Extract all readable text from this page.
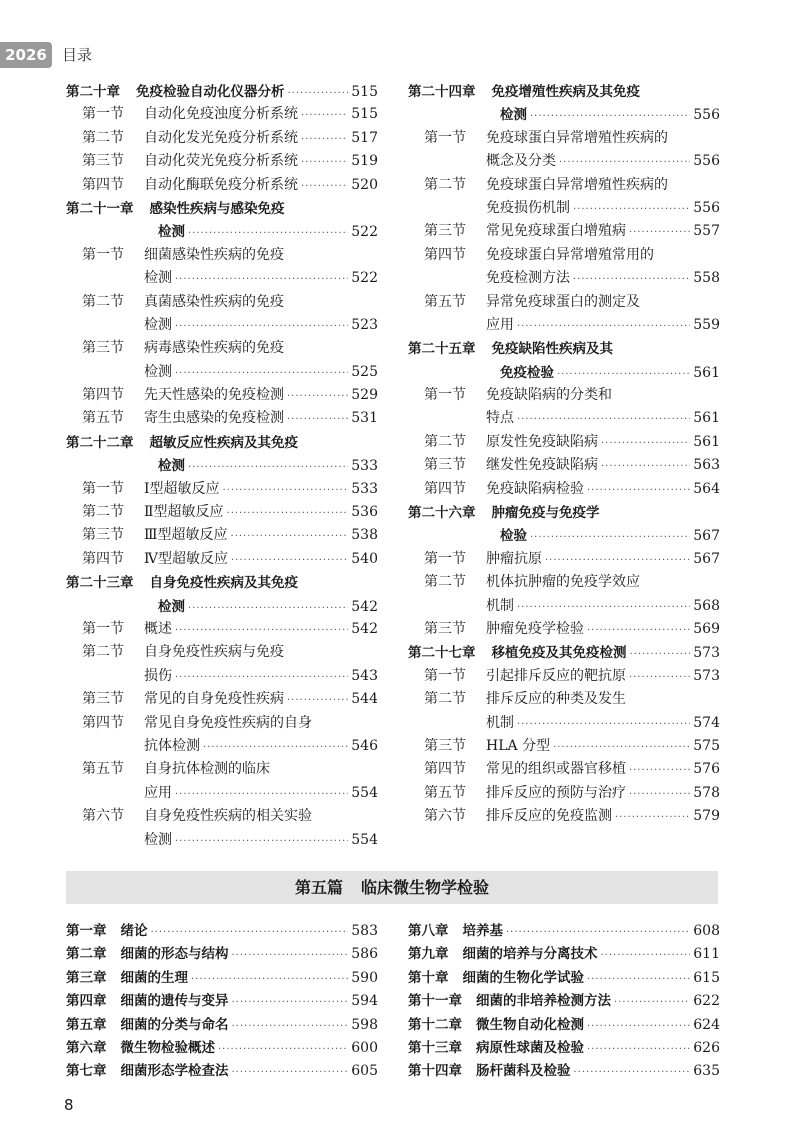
2026	目录
第二十章 免疫检验自动化仪器分析 ·····	515
第一节	自动化免疫浊度分析系统 ·····	515
第二节	自动化发光免疫分析系统 ·····	517
第三节	自动化荧光免疫分析系统 ·····	519
第四节	自动化酶联免疫分析系统 ·····	520
第二十一章 感染性疾病与感染免疫
检测 ·····	522
第一节	细菌感染性疾病的免疫
检测 ·····	522
第二节	真菌感染性疾病的免疫
检测 ·····	523
第三节	病毒感染性疾病的免疫
检测 ·····	525
第四节	先天性感染的免疫检测 ·····	529
第五节	寄生虫感染的免疫检测 ·····	531
第二十二章 超敏反应性疾病及其免疫
检测 ·····	533
第一节	Ⅰ型超敏反应 ·····	533
第二节	Ⅱ型超敏反应 ·····	536
第三节	Ⅲ型超敏反应 ·····	538
第四节	Ⅳ型超敏反应 ·····	540
第二十三章 自身免疫性疾病及其免疫
检测 ·····	542
第一节	概述 ·····	542
第二节	自身免疫性疾病与免疫
损伤 ·····	543
第三节	常见的自身免疫性疾病 ·····	544
第四节	常见自身免疫性疾病的自身
抗体检测 ·····	546
第五节	自身抗体检测的临床
应用 ·····	554
第六节	自身免疫性疾病的相关实验
检测 ·····	554
第二十四章 免疫增殖性疾病及其免疫
检测 ·····	556
第一节	免疫球蛋白异常增殖性疾病的
概念及分类 ·····	556
第二节	免疫球蛋白异常增殖性疾病的
免疫损伤机制 ·····	556
第三节	常见免疫球蛋白增殖病 ·····	557
第四节	免疫球蛋白异常增殖常用的
免疫检测方法 ·····	558
第五节	异常免疫球蛋白的测定及
应用 ·····	559
第二十五章 免疫缺陷性疾病及其
免疫检验 ·····	561
第一节	免疫缺陷病的分类和
特点 ·····	561
第二节	原发性免疫缺陷病 ·····	561
第三节	继发性免疫缺陷病 ·····	563
第四节	免疫缺陷病检验 ·····	564
第二十六章 肿瘤免疫与免疫学
检验 ·····	567
第一节	肿瘤抗原 ·····	567
第二节	机体抗肿瘤的免疫学效应
机制 ·····	568
第三节	肿瘤免疫学检验 ·····	569
第二十七章 移植免疫及其免疫检测 ·····	573
第一节	引起排斥反应的靶抗原 ·····	573
第二节	排斥反应的种类及发生
机制 ·····	574
第三节	HLA 分型 ·····	575
第四节	常见的组织或器官移植 ·····	576
第五节	排斥反应的预防与治疗 ·····	578
第六节	排斥反应的免疫监测 ·····	579
第五篇 临床微生物学检验
第一章 绪论 ·····	583
第二章 细菌的形态与结构 ·····	586
第三章 细菌的生理 ·····	590
第四章 细菌的遗传与变异 ·····	594
第五章 细菌的分类与命名 ·····	598
第六章 微生物检验概述 ·····	600
第七章 细菌形态学检查法 ·····	605
第八章 培养基 ·····	608
第九章 细菌的培养与分离技术 ·····	611
第十章 细菌的生物化学试验 ·····	615
第十一章 细菌的非培养检测方法 ·····	622
第十二章 微生物自动化检测 ·····	624
第十三章 病原性球菌及检验 ·····	626
第十四章 肠杆菌科及检验 ·····	635
8
